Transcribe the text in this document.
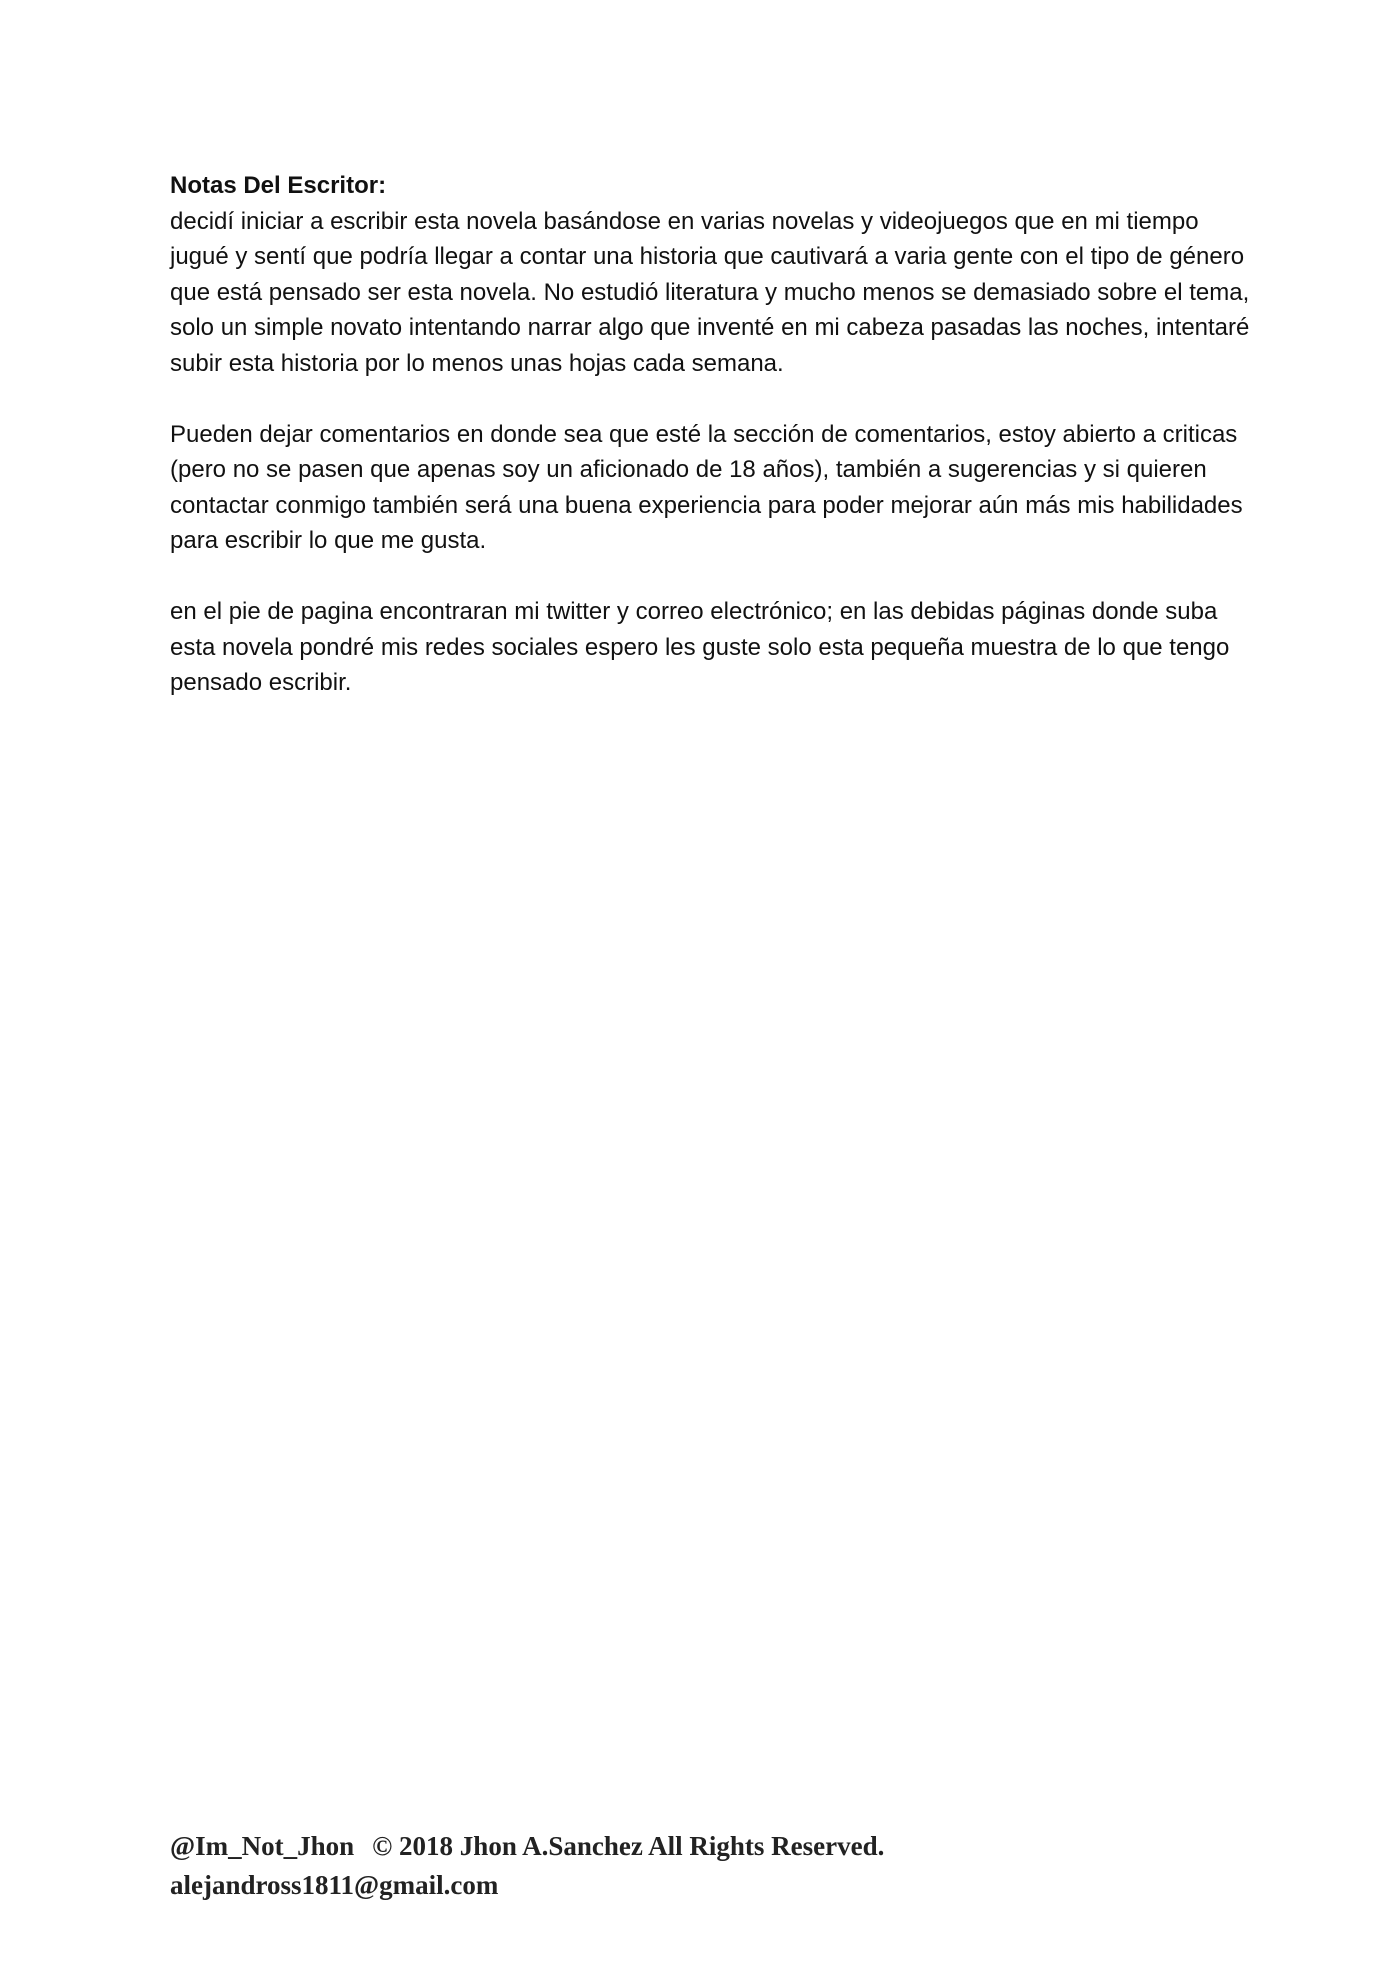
Notas Del Escritor:

decidí iniciar a escribir esta novela basándose en varias novelas y videojuegos que en mi tiempo jugué y sentí que podría llegar a contar una historia que cautivará a varia gente con el tipo de género que está pensado ser esta novela. No estudió literatura y mucho menos se demasiado sobre el tema, solo un simple novato intentando narrar algo que inventé en mi cabeza pasadas las noches, intentaré subir esta historia por lo menos unas hojas cada semana.

Pueden dejar comentarios en donde sea que esté la sección de comentarios, estoy abierto a criticas (pero no se pasen que apenas soy un aficionado de 18 años), también a sugerencias y si quieren contactar conmigo también será una buena experiencia para poder mejorar aún más mis habilidades para escribir lo que me gusta.

en el pie de pagina encontraran mi twitter y correo electrónico; en las debidas páginas donde suba esta novela pondré mis redes sociales espero les guste solo esta pequeña muestra de lo que tengo pensado escribir.

@Im_Not_Jhon © 2018 Jhon A.Sanchez All Rights Reserved.
alejandross1811@gmail.com
